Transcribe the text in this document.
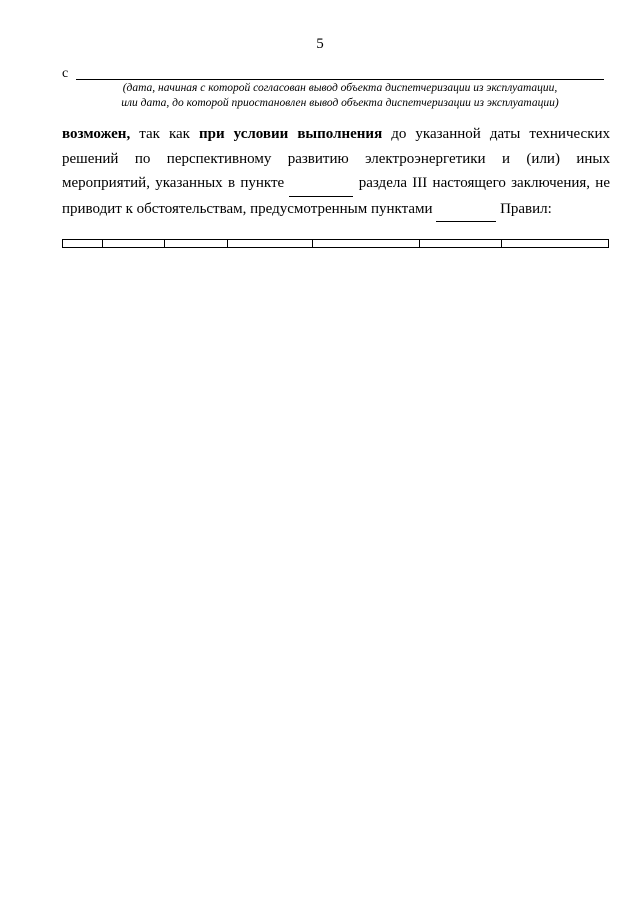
5
с
(дата, начиная с которой согласован вывод объекта диспетчеризации из эксплуатации,
или дата, до которой приостановлен вывод объекта диспетчеризации из эксплуатации)

возможен, так как при условии выполнения до указанной даты технических решений по перспективному развитию электроэнергетики и (или) иных мероприятий, указанных в пункте	раздела III настоящего заключения, не приводит к обстоятельствам, предусмотренным пунктами	Правил:
